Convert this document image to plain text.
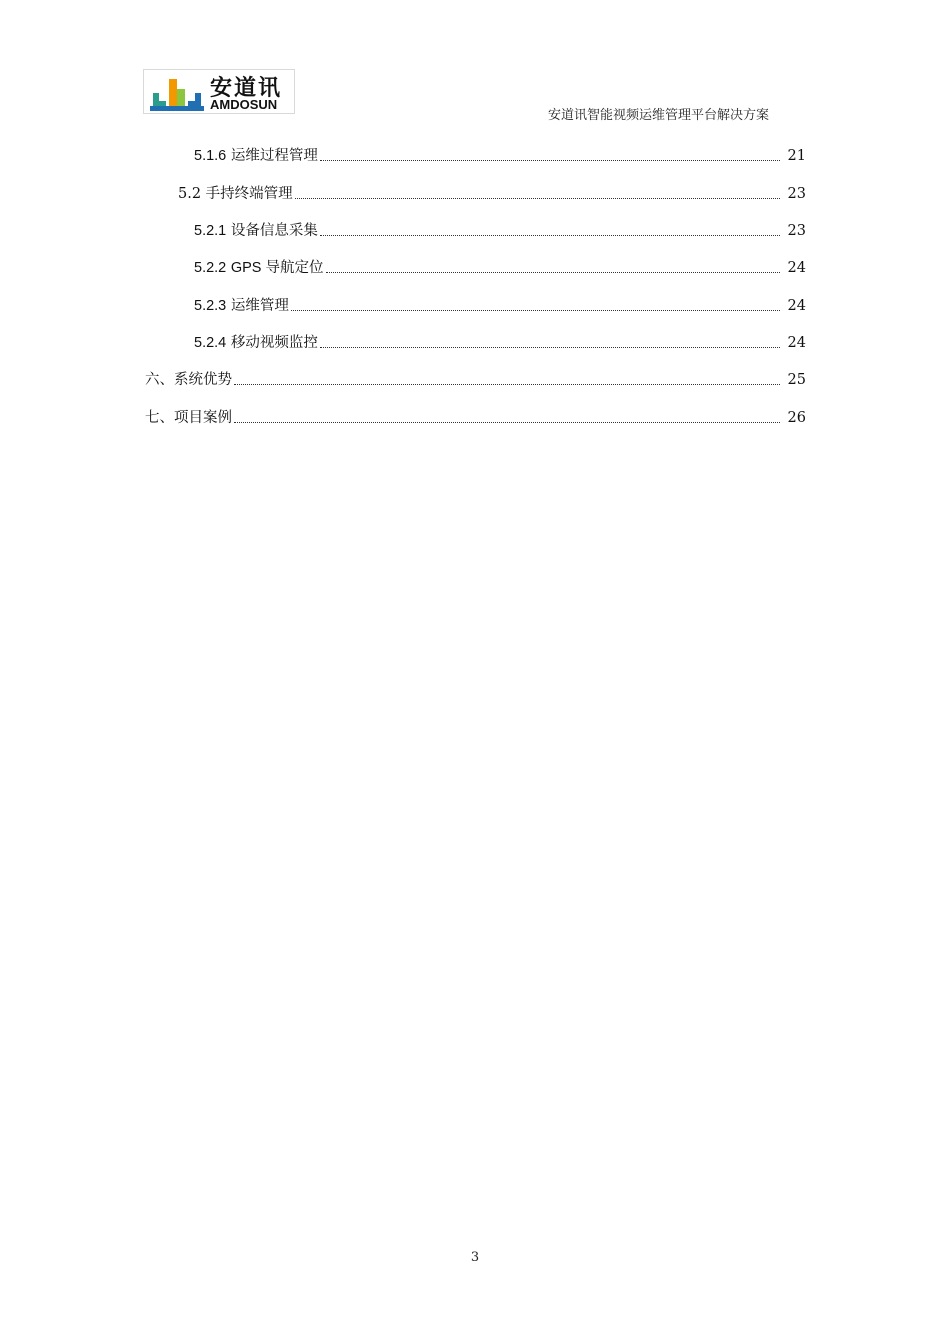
安道讯
AMDOSUN
安道讯智能视频运维管理平台解决方案
5.1.6 运维过程管理	21
5.2 手持终端管理	23
5.2.1 设备信息采集	23
5.2.2 GPS 导航定位	24
5.2.3 运维管理	24
5.2.4 移动视频监控	24
六、系统优势	25
七、项目案例	26
3
